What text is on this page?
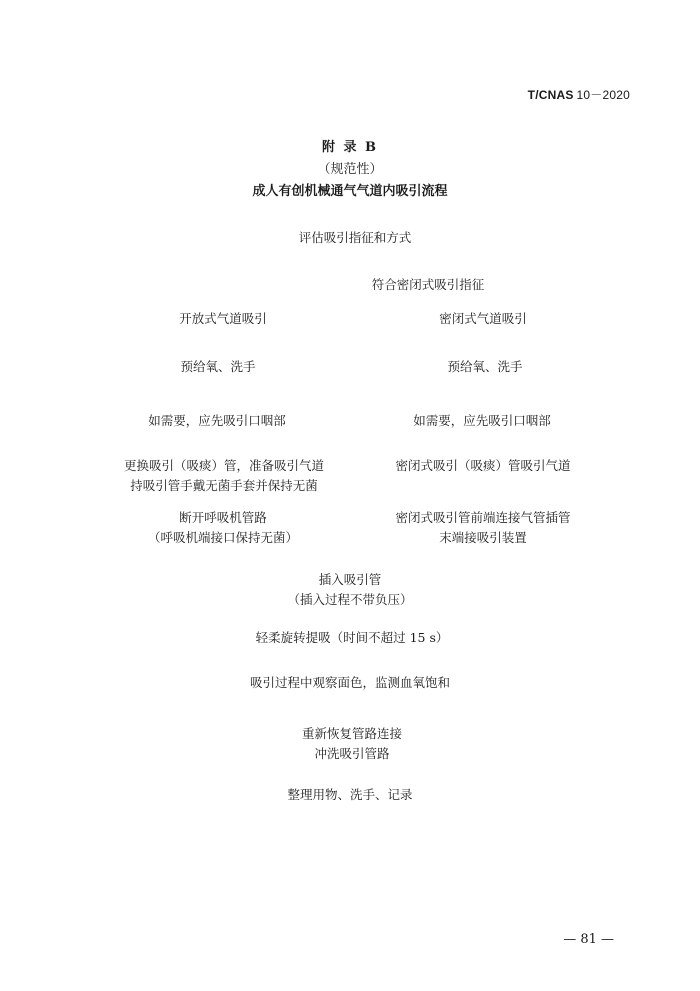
T/CNAS 10－2020
附 录 B
（规范性）
成人有创机械通气气道内吸引流程
评估吸引指征和方式
符合密闭式吸引指征
开放式气道吸引
预给氧、洗手
如需要，应先吸引口咽部
更换吸引（吸痰）管，准备吸引气道
持吸引管手戴无菌手套并保持无菌
断开呼吸机管路
（呼吸机端接口保持无菌）
密闭式气道吸引
预给氧、洗手
如需要，应先吸引口咽部
密闭式吸引（吸痰）管吸引气道
密闭式吸引管前端连接气管插管
末端接吸引装置
插入吸引管
（插入过程不带负压）
轻柔旋转提吸（时间不超过 15 s）
吸引过程中观察面色，监测血氧饱和
重新恢复管路连接
冲洗吸引管路
整理用物、洗手、记录
— 81 —
